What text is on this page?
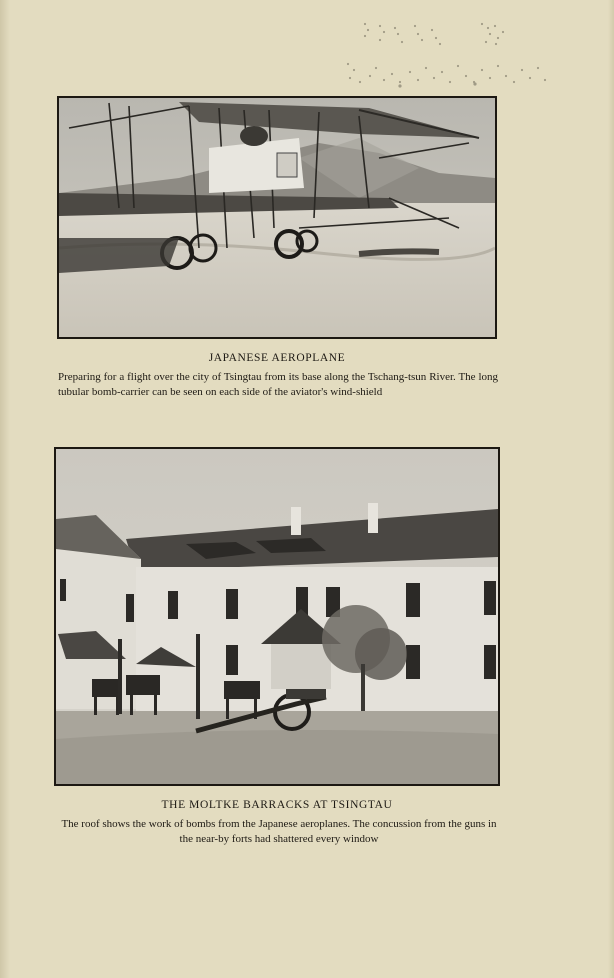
JAPANESE AEROPLANE
Preparing for a flight over the city of Tsingtau from its base along the Tschang-tsun River. The long tubular bomb-carrier can be seen on each side of the aviator's wind-shield
THE MOLTKE BARRACKS AT TSINGTAU
The roof shows the work of bombs from the Japanese aeroplanes. The concussion from the guns in the near-by forts had shattered every window
